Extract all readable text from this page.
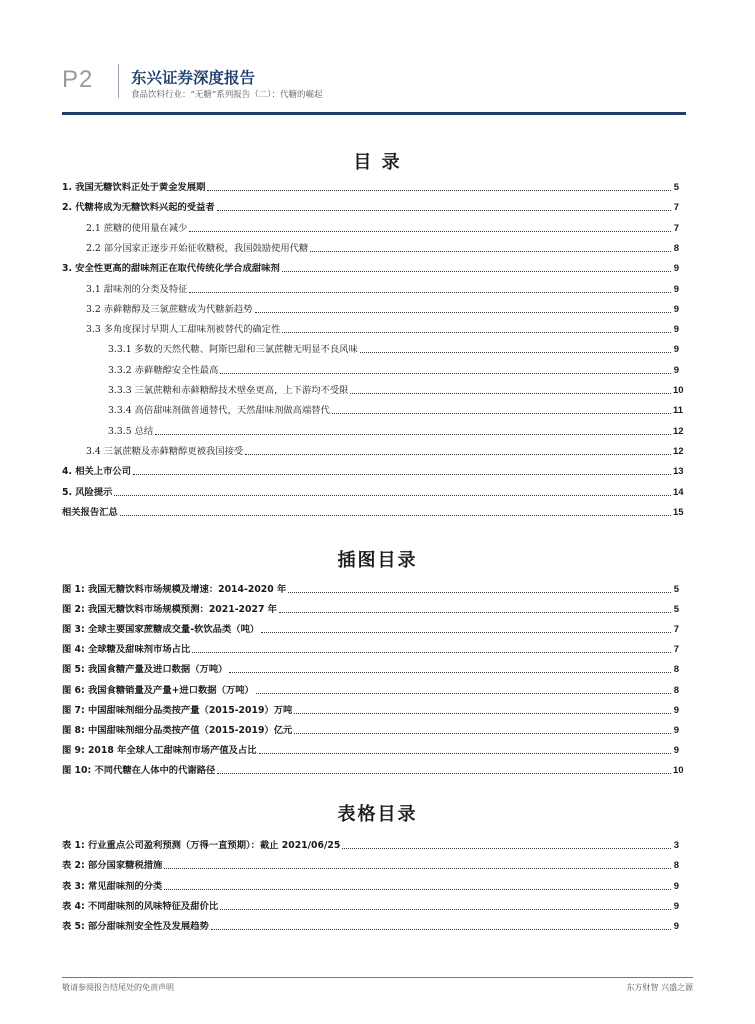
P2 东兴证券深度报告
食品饮料行业：“无糖”系列报告（二）：代糖的崛起
目 录
1. 我国无糖饮料正处于黄金发展期	5
2. 代糖将成为无糖饮料兴起的受益者	7
2.1 蔗糖的使用量在减少	7
2.2 部分国家正逐步开始征收糖税，我国鼓励使用代糖	8
3. 安全性更高的甜味剂正在取代传统化学合成甜味剂	9
3.1 甜味剂的分类及特征	9
3.2 赤藓糖醇及三氯蔗糖成为代糖新趋势	9
3.3 多角度探讨早期人工甜味剂被替代的确定性	9
3.3.1 多数的天然代糖、阿斯巴甜和三氯蔗糖无明显不良风味	9
3.3.2 赤藓糖醇安全性最高	9
3.3.3 三氯蔗糖和赤藓糖醇技术壁垒更高，上下游均不受限	10
3.3.4 高倍甜味剂做普通替代，天然甜味剂做高端替代	11
3.3.5 总结	12
3.4 三氯蔗糖及赤藓糖醇更被我国接受	12
4. 相关上市公司	13
5. 风险提示	14
相关报告汇总	15
插图目录
图 1: 我国无糖饮料市场规模及增速：2014-2020 年	5
图 2: 我国无糖饮料市场规模预测：2021-2027 年	5
图 3: 全球主要国家蔗糖成交量-软饮品类（吨）	7
图 4: 全球糖及甜味剂市场占比	7
图 5: 我国食糖产量及进口数据（万吨）	8
图 6: 我国食糖销量及产量+进口数据（万吨）	8
图 7: 中国甜味剂细分品类按产量（2015-2019）万吨	9
图 8: 中国甜味剂细分品类按产值（2015-2019）亿元	9
图 9: 2018 年全球人工甜味剂市场产值及占比	9
图 10: 不同代糖在人体中的代谢路径	10
表格目录
表 1: 行业重点公司盈利预测（万得一直预期）：截止 2021/06/25	3
表 2: 部分国家糖税措施	8
表 3: 常见甜味剂的分类	9
表 4: 不同甜味剂的风味特征及甜价比	9
表 5: 部分甜味剂安全性及发展趋势	9
敬请参阅报告结尾处的免责声明	东方财智 兴盛之源
